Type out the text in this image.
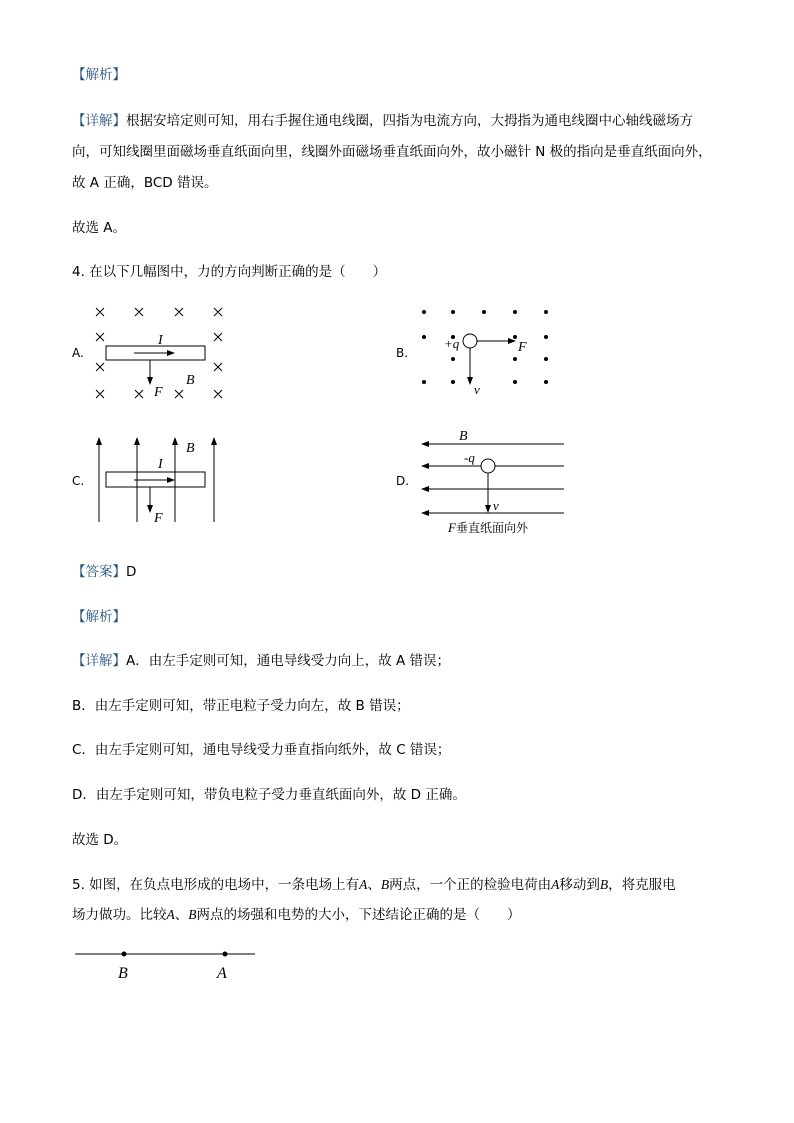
【解析】
【详解】根据安培定则可知，用右手握住通电线圈，四指为电流方向，大拇指为通电线圈中心轴线磁场方
向，可知线圈里面磁场垂直纸面向里，线圈外面磁场垂直纸面向外，故小磁针 N 极的指向是垂直纸面向外，
故 A 正确，BCD 错误。
故选 A。
4. 在以下几幅图中，力的方向判断正确的是（　　）
A.
I
B
F
B.
+q	F
v
C.
I
B
F
D.
B
-q
v
F垂直纸面向外
【答案】D
【解析】
【详解】A．由左手定则可知，通电导线受力向上，故 A 错误；
B．由左手定则可知，带正电粒子受力向左，故 B 错误；
C．由左手定则可知，通电导线受力垂直指向纸外，故 C 错误；
D．由左手定则可知，带负电粒子受力垂直纸面向外，故 D 正确。
故选 D。
5. 如图，在负点电形成的电场中，一条电场上有A、B两点，一个正的检验电荷由A移动到B，将克服电
场力做功。比较A、B两点的场强和电势的大小，下述结论正确的是（　　）
B	A
